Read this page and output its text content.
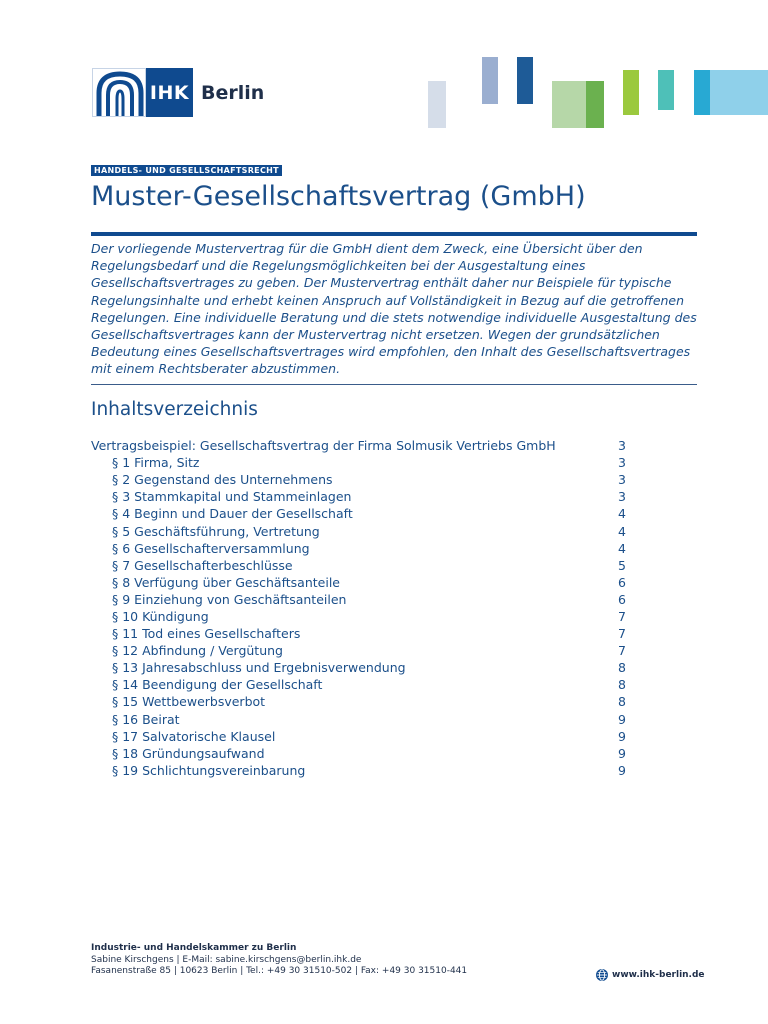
IHK Berlin
HANDELS- UND GESELLSCHAFTSRECHT
Muster-Gesellschaftsvertrag (GmbH)

Der vorliegende Mustervertrag für die GmbH dient dem Zweck, eine Übersicht über den Regelungsbedarf und die Regelungsmöglichkeiten bei der Ausgestaltung eines Gesellschaftsvertrages zu geben. Der Mustervertrag enthält daher nur Beispiele für typische Regelungsinhalte und erhebt keinen Anspruch auf Vollständigkeit in Bezug auf die getroffenen Regelungen. Eine individuelle Beratung und die stets notwendige individuelle Ausgestaltung des Gesellschaftsvertrages kann der Mustervertrag nicht ersetzen. Wegen der grundsätzlichen Bedeutung eines Gesellschaftsvertrages wird empfohlen, den Inhalt des Gesellschaftsvertrages mit einem Rechtsberater abzustimmen.

Inhaltsverzeichnis
Vertragsbeispiel: Gesellschaftsvertrag der Firma Solmusik Vertriebs GmbH	3
§ 1 Firma, Sitz	3
§ 2 Gegenstand des Unternehmens	3
§ 3 Stammkapital und Stammeinlagen	3
§ 4 Beginn und Dauer der Gesellschaft	4
§ 5 Geschäftsführung, Vertretung	4
§ 6 Gesellschafterversammlung	4
§ 7 Gesellschafterbeschlüsse	5
§ 8 Verfügung über Geschäftsanteile	6
§ 9 Einziehung von Geschäftsanteilen	6
§ 10 Kündigung	7
§ 11 Tod eines Gesellschafters	7
§ 12 Abfindung / Vergütung	7
§ 13 Jahresabschluss und Ergebnisverwendung	8
§ 14 Beendigung der Gesellschaft	8
§ 15 Wettbewerbsverbot	8
§ 16 Beirat	9
§ 17 Salvatorische Klausel	9
§ 18 Gründungsaufwand	9
§ 19 Schlichtungsvereinbarung	9
Industrie- und Handelskammer zu Berlin
Sabine Kirschgens | E-Mail: sabine.kirschgens@berlin.ihk.de
Fasanenstraße 85 | 10623 Berlin | Tel.: +49 30 31510-502 | Fax: +49 30 31510-441	www.ihk-berlin.de
